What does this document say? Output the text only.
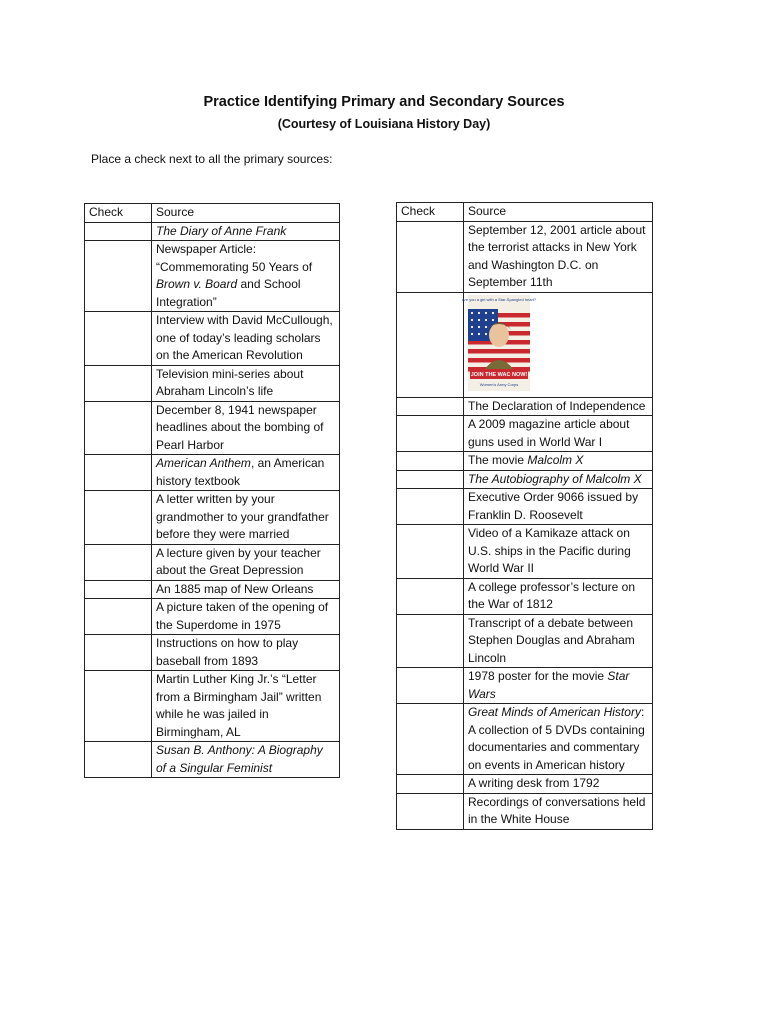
Practice Identifying Primary and Secondary Sources
(Courtesy of Louisiana History Day)
Place a check next to all the primary sources:
Check	Source
	The Diary of Anne Frank
	Newspaper Article: “Commemorating 50 Years of Brown v. Board and School Integration”
	Interview with David McCullough, one of today’s leading scholars on the American Revolution
	Television mini-series about Abraham Lincoln’s life
	December 8, 1941 newspaper headlines about the bombing of Pearl Harbor
	American Anthem, an American history textbook
	A letter written by your grandmother to your grandfather before they were married
	A lecture given by your teacher about the Great Depression
	An 1885 map of New Orleans
	A picture taken of the opening of the Superdome in 1975
	Instructions on how to play baseball from 1893
	Martin Luther King Jr.’s “Letter from a Birmingham Jail” written while he was jailed in Birmingham, AL
	Susan B. Anthony: A Biography of a Singular Feminist
Check	Source
	September 12, 2001 article about the terrorist attacks in New York and Washington D.C. on September 11th

Are you a girl with a Star-Spangled heart?
JOIN THE WAC NOW!
Women's Army Corps

	The Declaration of Independence
	A 2009 magazine article about guns used in World War I
	The movie Malcolm X
	The Autobiography of Malcolm X
	Executive Order 9066 issued by Franklin D. Roosevelt
	Video of a Kamikaze attack on U.S. ships in the Pacific during World War II
	A college professor’s lecture on the War of 1812
	Transcript of a debate between Stephen Douglas and Abraham Lincoln
	1978 poster for the movie Star Wars
	Great Minds of American History: A collection of 5 DVDs containing documentaries and commentary on events in American history
	A writing desk from 1792
	Recordings of conversations held in the White House
